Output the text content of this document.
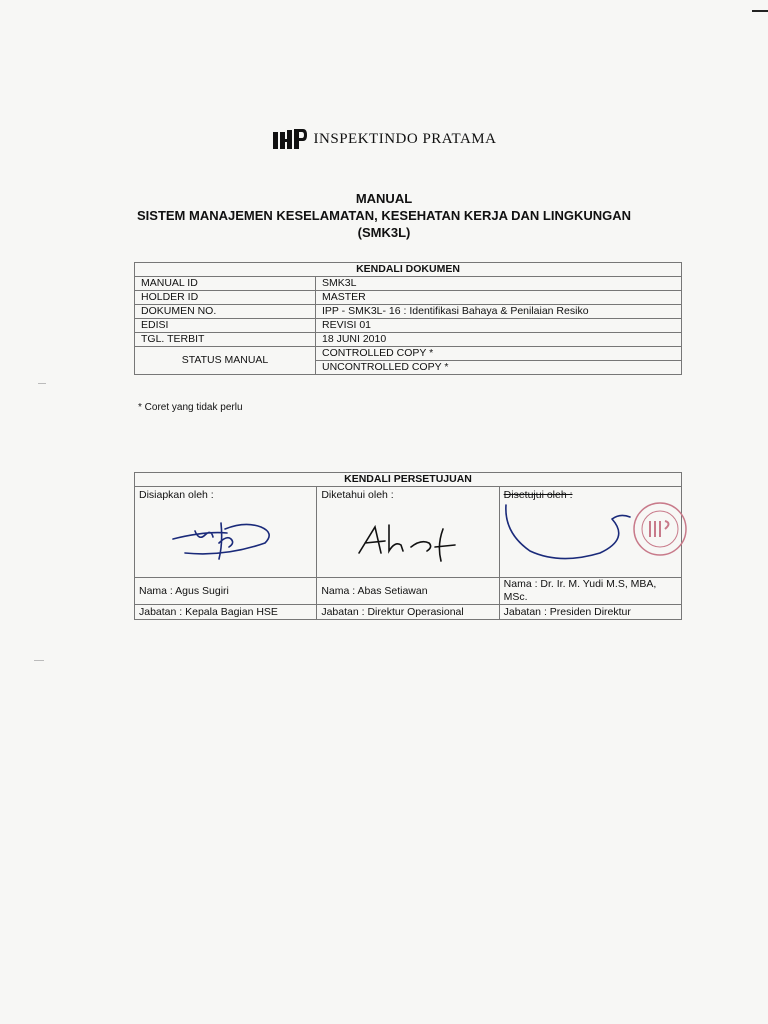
INSPEKTINDO PRATAMA
MANUAL
SISTEM MANAJEMEN KESELAMATAN, KESEHATAN KERJA DAN LINGKUNGAN
(SMK3L)
KENDALI DOKUMEN	
MANUAL ID	SMK3L
HOLDER ID	MASTER
DOKUMEN NO.	IPP - SMK3L- 16 : Identifikasi Bahaya & Penilaian Resiko
EDISI	REVISI 01
TGL. TERBIT	18 JUNI 2010
STATUS MANUAL	CONTROLLED COPY *
	UNCONTROLLED COPY *
* Coret yang tidak perlu
KENDALI PERSETUJUAN		
Disiapkan oleh :	Diketahui oleh :	Disetujui oleh :

Nama : Agus Sugiri	Nama : Abas Setiawan	Nama : Dr. Ir. M. Yudi M.S, MBA, MSc.
Jabatan : Kepala Bagian HSE	Jabatan : Direktur Operasional	Jabatan : Presiden Direktur
